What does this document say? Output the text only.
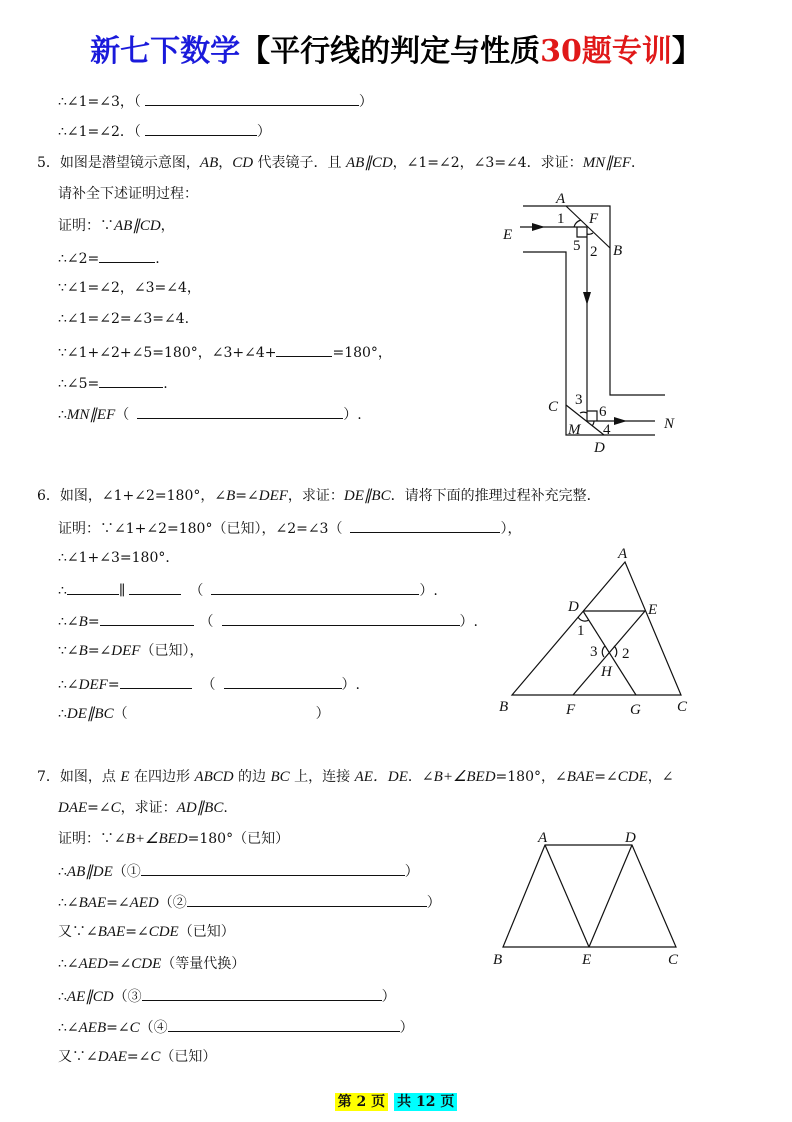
新七下数学【平行线的判定与性质30题专训】
∴∠1=∠3，（	）
∴∠1=∠2．（	）
5．如图是潜望镜示意图，AB，CD 代表镜子．且 AB∥CD，∠1=∠2，∠3=∠4．求证：MN∥EF．
请补全下述证明过程：
证明：∵AB∥CD，
∴∠2=	.
∵∠1=∠2，∠3=∠4，
∴∠1=∠2=∠3=∠4.
∵∠1+∠2+∠5=180°，∠3+∠4+	=180°，
∴∠5=	.
∴MN∥EF（	）.
A
E
F
B
1
5 2
C 3
6
M 4	N
D
6．如图，∠1+∠2=180°，∠B=∠DEF，求证：DE∥BC．请将下面的推理过程补充完整．
证明：∵∠1+∠2=180°（已知），∠2=∠3（	），
∴∠1+∠3=180°．
∴	∥	（	）.
∴∠B=	（	）.
∵∠B=∠DEF（已知），
∴∠DEF=	（	）.
∴DE∥BC（	）
A
D	E
1
3 2
H
B	F	G C
7．如图，点 E 在四边形 ABCD 的边 BC 上，连接 AE．DE．∠B+∠BED=180°，∠BAE=∠CDE，∠
DAE=∠C，求证：AD∥BC.
证明：∵∠B+∠BED=180°（已知）
∴AB∥DE（①	）
∴∠BAE=∠AED（②	）
又∵∠BAE=∠CDE（已知）
∴∠AED=∠CDE（等量代换）
∴AE∥CD（③	）
∴∠AEB=∠C（④	）
又∵∠DAE=∠C（已知）
A	D
B	E	C
第 2 页 共 12 页
